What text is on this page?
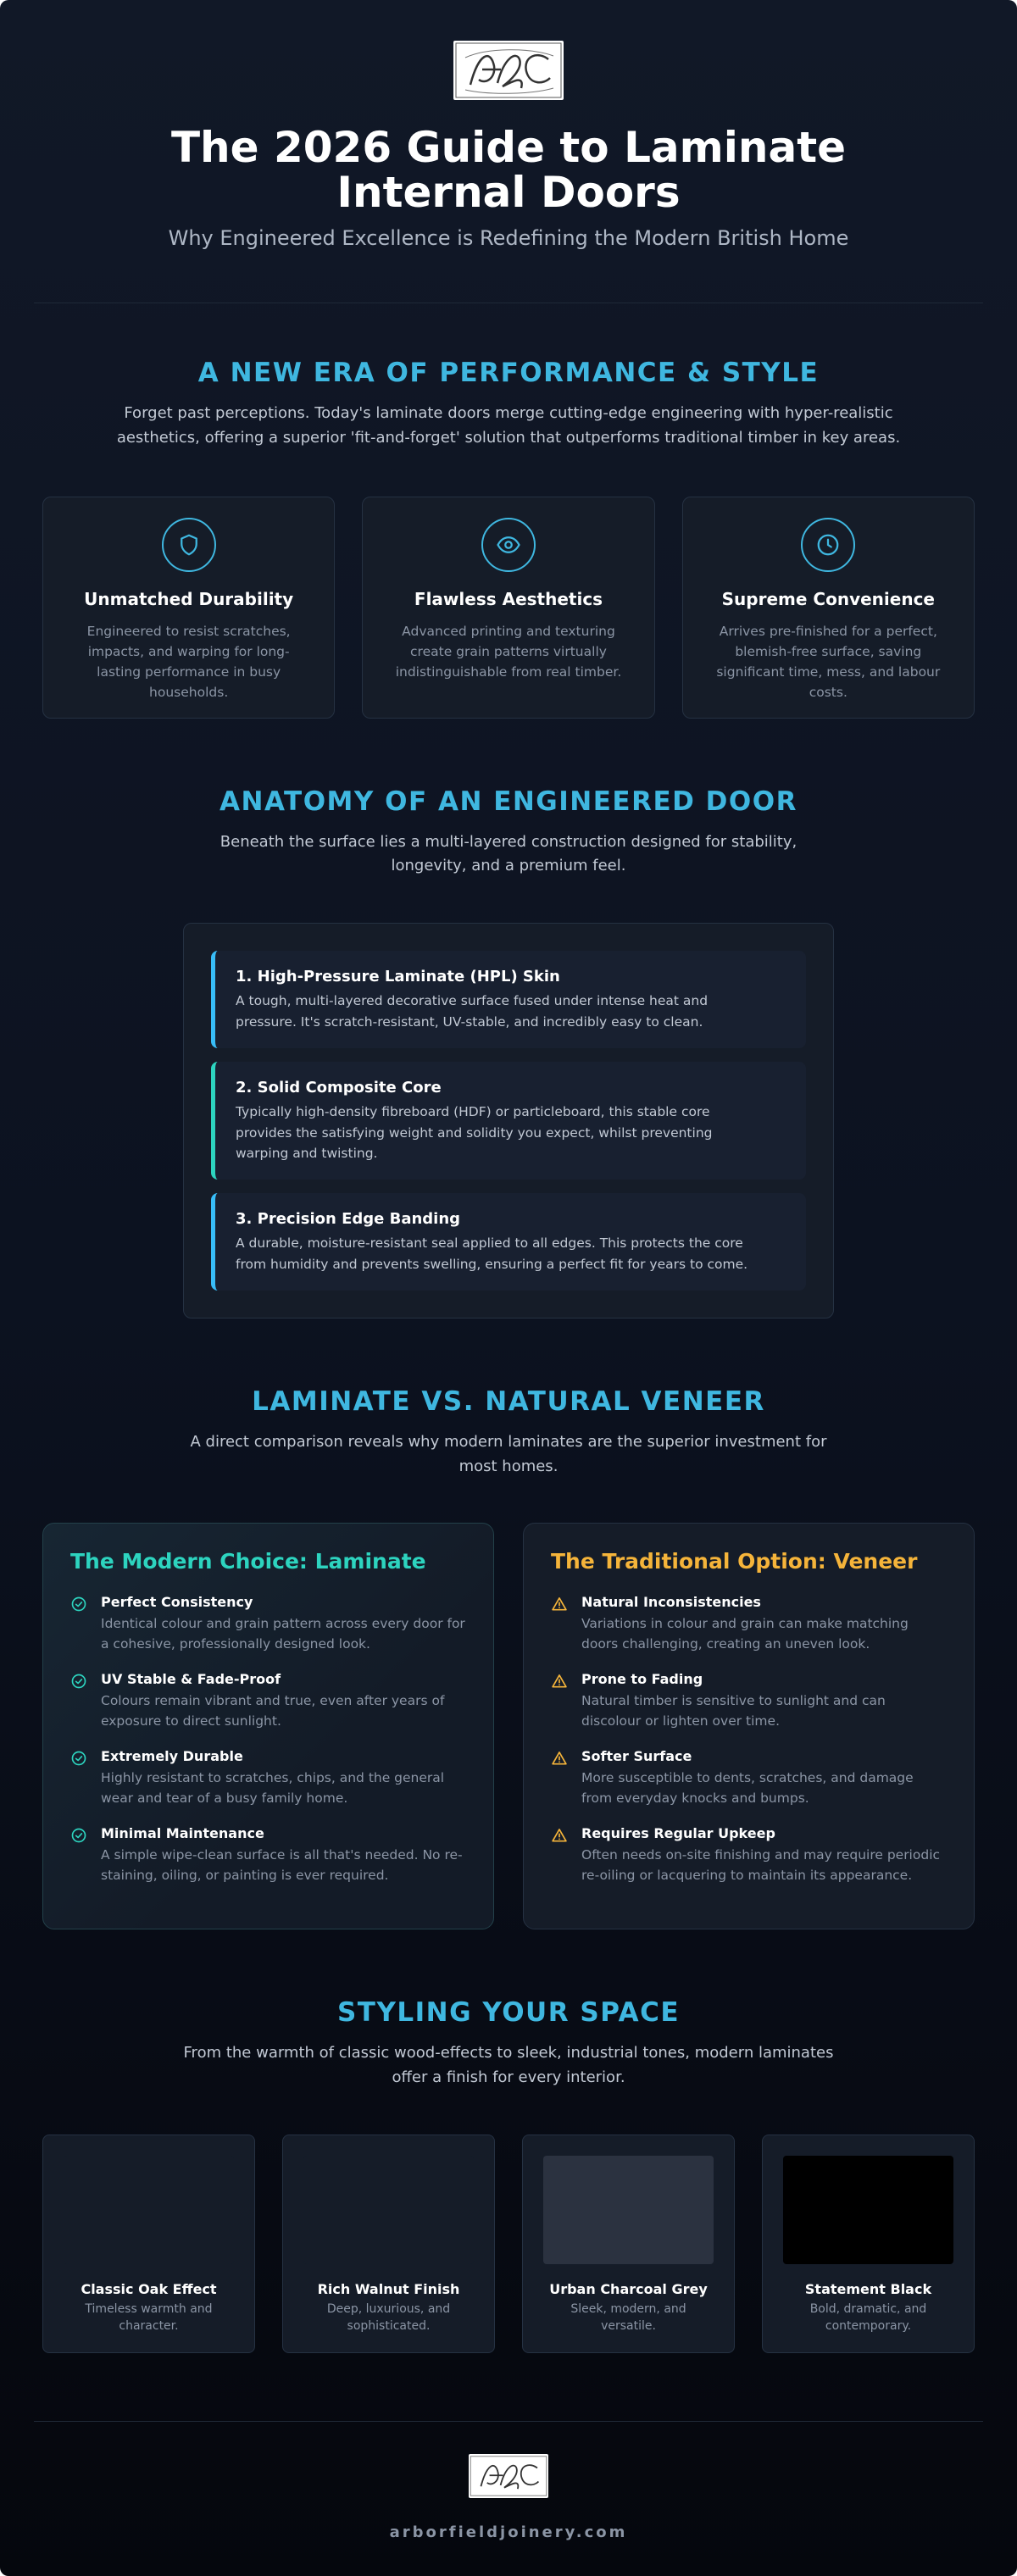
The 2026 Guide to Laminate Internal Doors

Why Engineered Excellence is Redefining the Modern British Home

A NEW ERA OF PERFORMANCE & STYLE

Forget past perceptions. Today's laminate doors merge cutting-edge engineering with hyper-realistic aesthetics, offering a superior 'fit-and-forget' solution that outperforms traditional timber in key areas.

Unmatched Durability

Engineered to resist scratches, impacts, and warping for long-lasting performance in busy households.

Flawless Aesthetics

Advanced printing and texturing create grain patterns virtually indistinguishable from real timber.

Supreme Convenience

Arrives pre-finished for a perfect, blemish-free surface, saving significant time, mess, and labour costs.

ANATOMY OF AN ENGINEERED DOOR

Beneath the surface lies a multi-layered construction designed for stability, longevity, and a premium feel.

1. High-Pressure Laminate (HPL) Skin

A tough, multi-layered decorative surface fused under intense heat and pressure. It's scratch-resistant, UV-stable, and incredibly easy to clean.

2. Solid Composite Core

Typically high-density fibreboard (HDF) or particleboard, this stable core provides the satisfying weight and solidity you expect, whilst preventing warping and twisting.

3. Precision Edge Banding

A durable, moisture-resistant seal applied to all edges. This protects the core from humidity and prevents swelling, ensuring a perfect fit for years to come.

LAMINATE VS. NATURAL VENEER

A direct comparison reveals why modern laminates are the superior investment for most homes.

The Modern Choice: Laminate
Perfect Consistency

Identical colour and grain pattern across every door for a cohesive, professionally designed look.

UV Stable & Fade-Proof

Colours remain vibrant and true, even after years of exposure to direct sunlight.

Extremely Durable

Highly resistant to scratches, chips, and the general wear and tear of a busy family home.

Minimal Maintenance

A simple wipe-clean surface is all that's needed. No re-staining, oiling, or painting is ever required.

The Traditional Option: Veneer
Natural Inconsistencies

Variations in colour and grain can make matching doors challenging, creating an uneven look.

Prone to Fading

Natural timber is sensitive to sunlight and can discolour or lighten over time.

Softer Surface

More susceptible to dents, scratches, and damage from everyday knocks and bumps.

Requires Regular Upkeep

Often needs on-site finishing and may require periodic re-oiling or lacquering to maintain its appearance.

STYLING YOUR SPACE

From the warmth of classic wood-effects to sleek, industrial tones, modern laminates offer a finish for every interior.

Classic Oak Effect

Timeless warmth and character.

Rich Walnut Finish

Deep, luxurious, and sophisticated.

Urban Charcoal Grey

Sleek, modern, and versatile.

Statement Black

Bold, dramatic, and contemporary.

arborfieldjoinery.com
